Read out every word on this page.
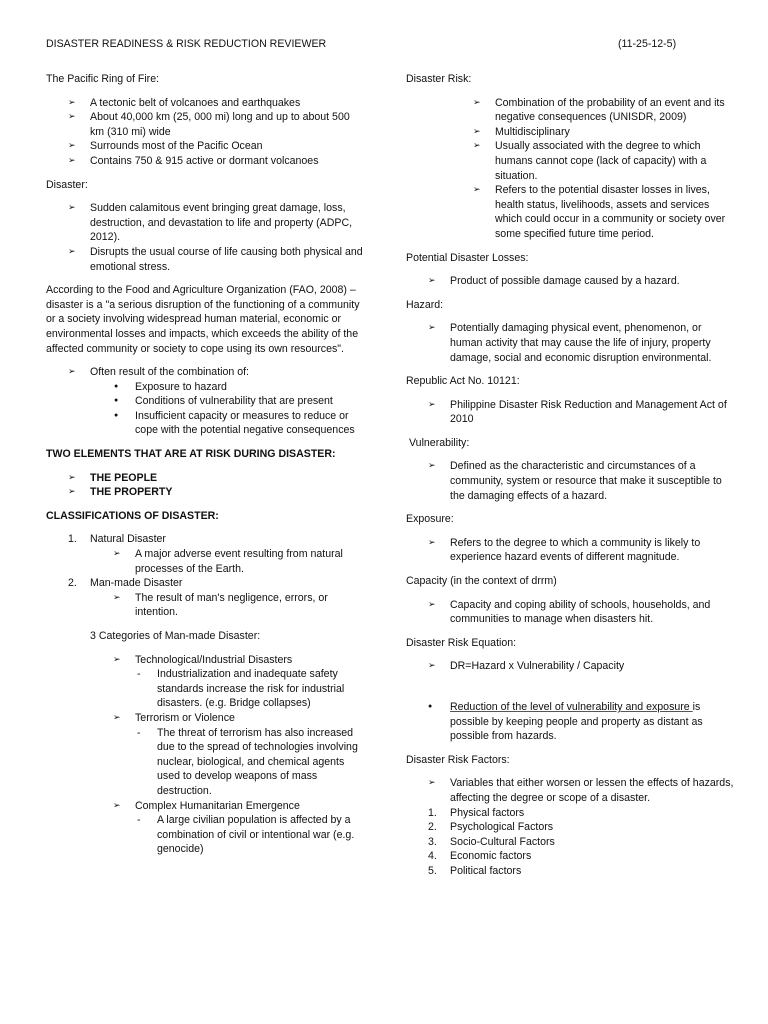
DISASTER READINESS & RISK REDUCTION REVIEWER	(11-25-12-5)

The Pacific Ring of Fire:

➢ A tectonic belt of volcanoes and earthquakes
➢ About 40,000 km (25, 000 mi) long and up to about 500 km (310 mi) wide
➢ Surrounds most of the Pacific Ocean
➢ Contains 750 & 915 active or dormant volcanoes

Disaster:

➢ Sudden calamitous event bringing great damage, loss, destruction, and devastation to life and property (ADPC, 2012).
➢ Disrupts the usual course of life causing both physical and emotional stress.

According to the Food and Agriculture Organization (FAO, 2008) – disaster is a "a serious disruption of the functioning of a community or a society involving widespread human material, economic or environmental losses and impacts, which exceeds the ability of the affected community or society to cope using its own resources".

➢ Often result of the combination of:
● Exposure to hazard
● Conditions of vulnerability that are present
● Insufficient capacity or measures to reduce or cope with the potential negative consequences

TWO ELEMENTS THAT ARE AT RISK DURING DISASTER:

➢ THE PEOPLE
➢ THE PROPERTY

CLASSIFICATIONS OF DISASTER:

1. Natural Disaster
➢ A major adverse event resulting from natural processes of the Earth.
2. Man-made Disaster
➢ The result of man's negligence, errors, or intention.

3 Categories of Man-made Disaster:

➢ Technological/Industrial Disasters
- Industrialization and inadequate safety standards increase the risk for industrial disasters. (e.g. Bridge collapses)
➢ Terrorism or Violence
- The threat of terrorism has also increased due to the spread of technologies involving nuclear, biological, and chemical agents used to develop weapons of mass destruction.
➢ Complex Humanitarian Emergence
- A large civilian population is affected by a combination of civil or intentional war (e.g. genocide)

Disaster Risk:

➢ Combination of the probability of an event and its negative consequences (UNISDR, 2009)
➢ Multidisciplinary
➢ Usually associated with the degree to which humans cannot cope (lack of capacity) with a situation.
➢ Refers to the potential disaster losses in lives, health status, livelihoods, assets and services which could occur in a community or society over some specified future time period.

Potential Disaster Losses:

➢ Product of possible damage caused by a hazard.

Hazard:

➢ Potentially damaging physical event, phenomenon, or human activity that may cause the life of injury, property damage, social and economic disruption environmental.

Republic Act No. 10121:

➢ Philippine Disaster Risk Reduction and Management Act of 2010

Vulnerability:

➢ Defined as the characteristic and circumstances of a community, system or resource that make it susceptible to the damaging effects of a hazard.

Exposure:

➢ Refers to the degree to which a community is likely to experience hazard events of different magnitude.

Capacity (in the context of drrm)

➢ Capacity and coping ability of schools, households, and communities to manage when disasters hit.

Disaster Risk Equation:

➢ DR=Hazard x Vulnerability / Capacity

● Reduction of the level of vulnerability and exposure is possible by keeping people and property as distant as possible from hazards.

Disaster Risk Factors:

➢ Variables that either worsen or lessen the effects of hazards, affecting the degree or scope of a disaster.
1. Physical factors
2. Psychological Factors
3. Socio-Cultural Factors
4. Economic factors
5. Political factors
